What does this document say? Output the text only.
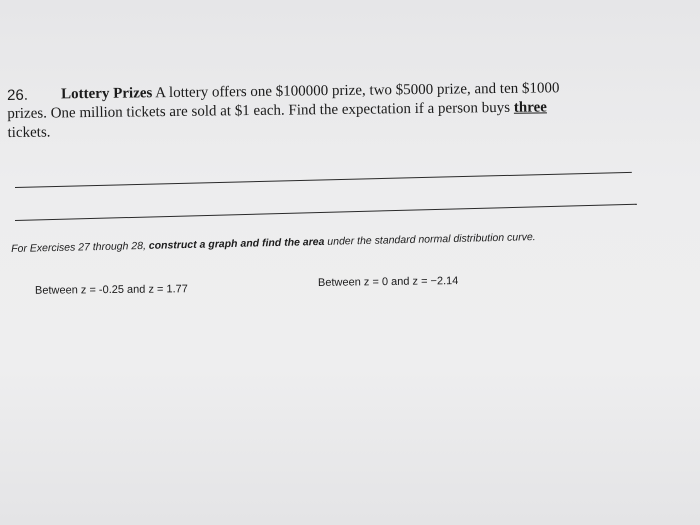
26.	Lottery Prizes A lottery offers one $100000 prize, two $5000 prize, and ten $1000
prizes. One million tickets are sold at $1 each. Find the expectation if a person buys three
tickets.
For Exercises 27 through 28, construct a graph and find the area under the standard normal distribution curve.
Between z = -0.25 and z = 1.77
Between z = 0 and z = −2.14
